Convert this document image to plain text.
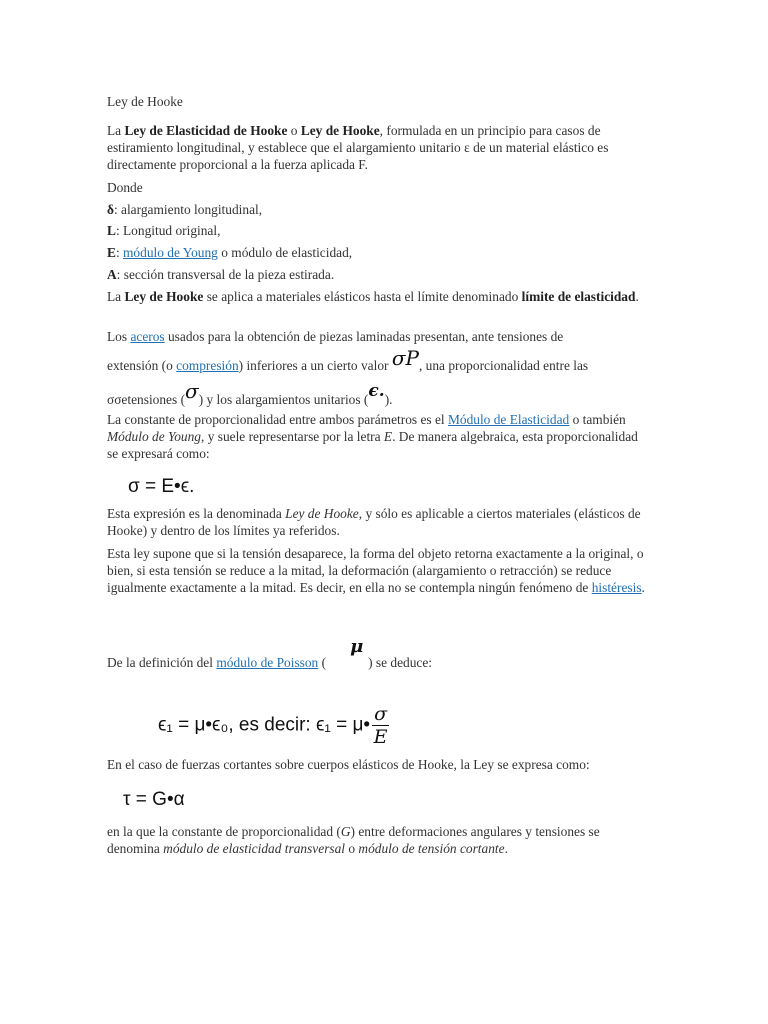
Ley de Hooke

La Ley de Elasticidad de Hooke o Ley de Hooke, formulada en un principio para casos de estiramiento longitudinal, y establece que el alargamiento unitario ε de un material elástico es directamente proporcional a la fuerza aplicada F.

Donde

δ: alargamiento longitudinal,

L: Longitud original,

E: módulo de Young o módulo de elasticidad,

A: sección transversal de la pieza estirada.

La Ley de Hooke se aplica a materiales elásticos hasta el límite denominado límite de elasticidad.

Los aceros usados para la obtención de piezas laminadas presentan, ante tensiones de

extensión (o compresión) inferiores a un cierto valor σP, una proporcionalidad entre las

σσetensiones (σ) y los alargamientos unitarios (ϵ.).

La constante de proporcionalidad entre ambos parámetros es el Módulo de Elasticidad o también Módulo de Young, y suele representarse por la letra E. De manera algebraica, esta proporcionalidad se expresará como:

σ = E•ϵ.

Esta expresión es la denominada Ley de Hooke, y sólo es aplicable a ciertos materiales (elásticos de Hooke) y dentro de los límites ya referidos.

Esta ley supone que si la tensión desaparece, la forma del objeto retorna exactamente a la original, o bien, si esta tensión se reduce a la mitad, la deformación (alargamiento o retracción) se reduce igualmente exactamente a la mitad. Es decir, en ella no se contempla ningún fenómeno de histéresis.

De la definición del módulo de Poisson (
μ
) se deduce:

ϵ₁ = μ•ϵ₀, es decir: ϵ₁ = μ• $\frac{\sigma}{E}$

En el caso de fuerzas cortantes sobre cuerpos elásticos de Hooke, la Ley se expresa como:

τ = G•α

en la que la constante de proporcionalidad (G) entre deformaciones angulares y tensiones se denomina módulo de elasticidad transversal o módulo de tensión cortante.
